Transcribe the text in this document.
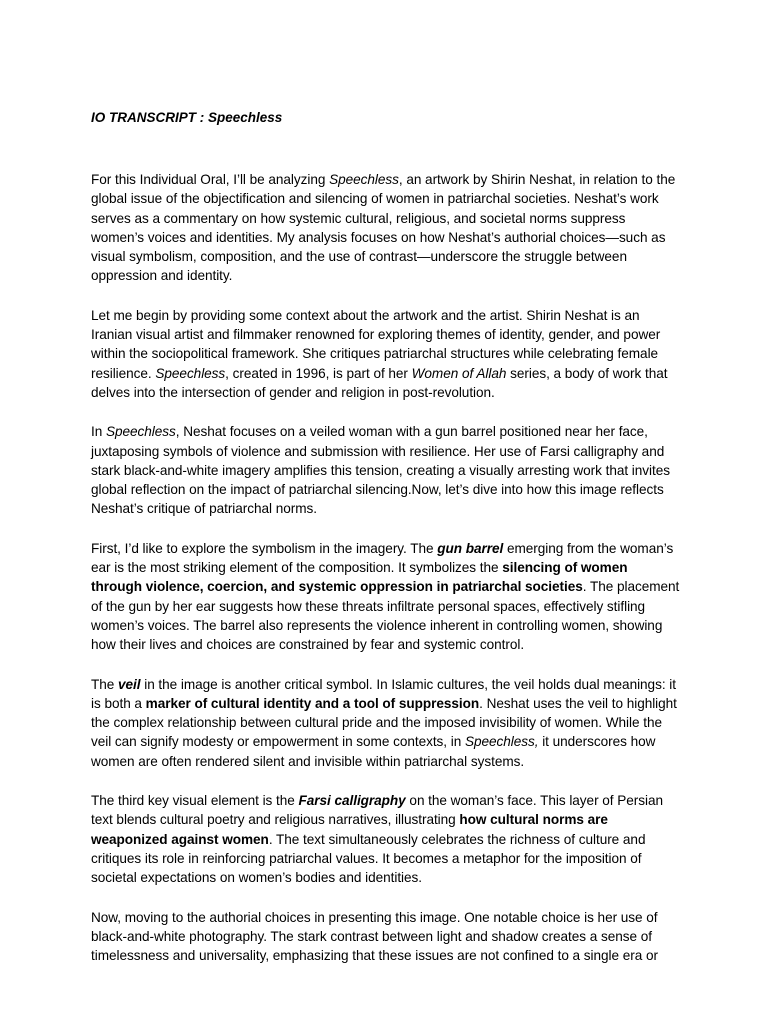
IO TRANSCRIPT : Speechless

For this Individual Oral, I’ll be analyzing Speechless, an artwork by Shirin Neshat, in relation to the global issue of the objectification and silencing of women in patriarchal societies. Neshat’s work serves as a commentary on how systemic cultural, religious, and societal norms suppress women’s voices and identities. My analysis focuses on how Neshat’s authorial choices—such as visual symbolism, composition, and the use of contrast—underscore the struggle between oppression and identity.

Let me begin by providing some context about the artwork and the artist. Shirin Neshat is an Iranian visual artist and filmmaker renowned for exploring themes of identity, gender, and power within the sociopolitical framework. She critiques patriarchal structures while celebrating female resilience. Speechless, created in 1996, is part of her Women of Allah series, a body of work that delves into the intersection of gender and religion in post-revolution.

In Speechless, Neshat focuses on a veiled woman with a gun barrel positioned near her face, juxtaposing symbols of violence and submission with resilience. Her use of Farsi calligraphy and stark black-and-white imagery amplifies this tension, creating a visually arresting work that invites global reflection on the impact of patriarchal silencing.Now, let’s dive into how this image reflects Neshat’s critique of patriarchal norms.

First, I’d like to explore the symbolism in the imagery. The gun barrel emerging from the woman’s ear is the most striking element of the composition. It symbolizes the silencing of women through violence, coercion, and systemic oppression in patriarchal societies. The placement of the gun by her ear suggests how these threats infiltrate personal spaces, effectively stifling women’s voices. The barrel also represents the violence inherent in controlling women, showing how their lives and choices are constrained by fear and systemic control.

The veil in the image is another critical symbol. In Islamic cultures, the veil holds dual meanings: it is both a marker of cultural identity and a tool of suppression. Neshat uses the veil to highlight the complex relationship between cultural pride and the imposed invisibility of women. While the veil can signify modesty or empowerment in some contexts, in Speechless, it underscores how women are often rendered silent and invisible within patriarchal systems.

The third key visual element is the Farsi calligraphy on the woman’s face. This layer of Persian text blends cultural poetry and religious narratives, illustrating how cultural norms are weaponized against women. The text simultaneously celebrates the richness of culture and critiques its role in reinforcing patriarchal values. It becomes a metaphor for the imposition of societal expectations on women’s bodies and identities.

Now, moving to the authorial choices in presenting this image. One notable choice is her use of black-and-white photography. The stark contrast between light and shadow creates a sense of timelessness and universality, emphasizing that these issues are not confined to a single era or
